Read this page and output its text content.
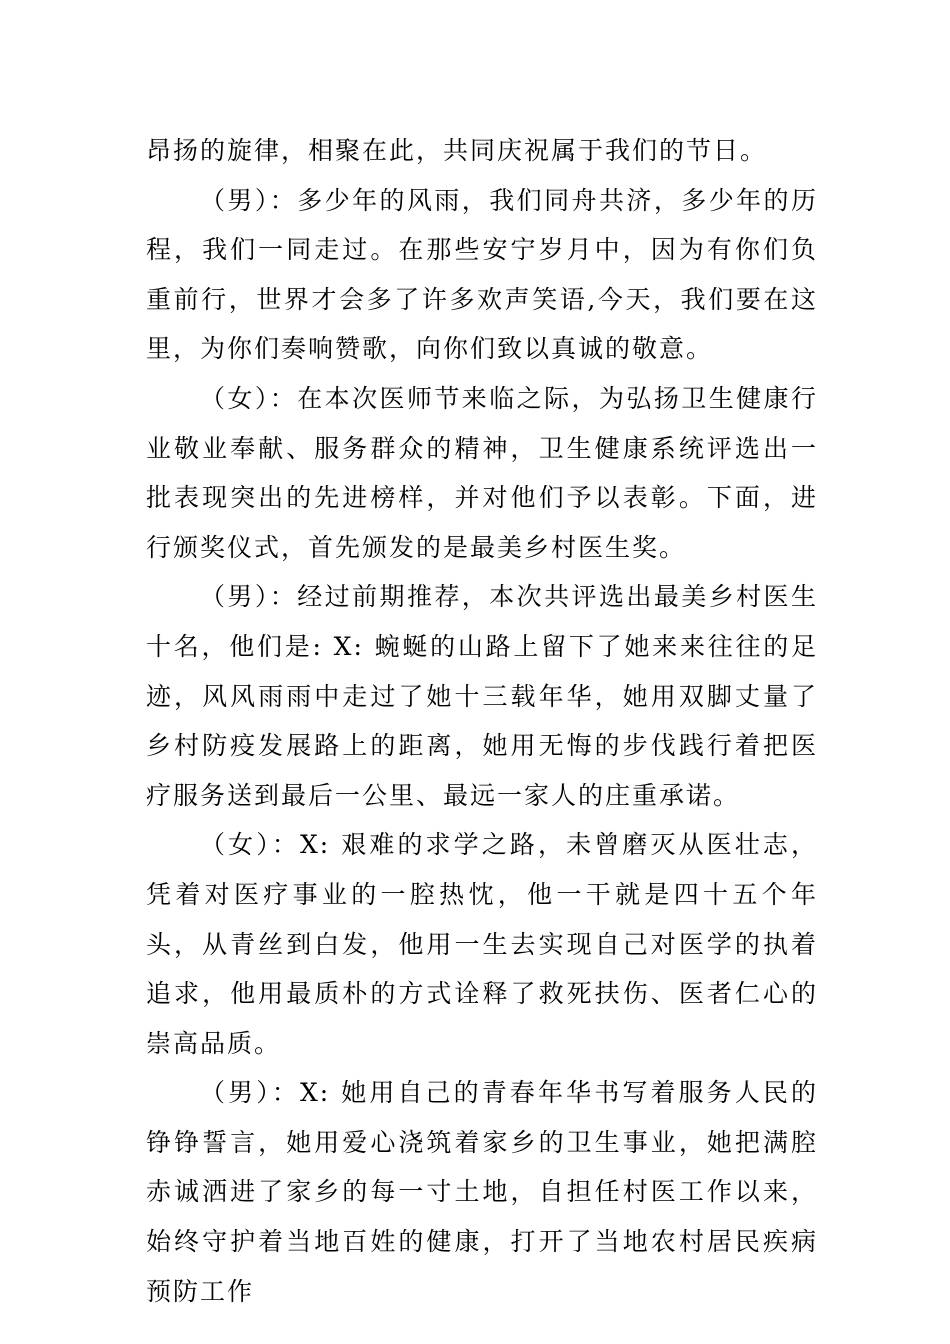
昂扬的旋律，相聚在此，共同庆祝属于我们的节日。

（男）：多少年的风雨，我们同舟共济，多少年的历程，我们一同走过。在那些安宁岁月中，因为有你们负重前行，世界才会多了许多欢声笑语,今天，我们要在这里，为你们奏响赞歌，向你们致以真诚的敬意。

（女）：在本次医师节来临之际，为弘扬卫生健康行业敬业奉献、服务群众的精神，卫生健康系统评选出一批表现突出的先进榜样，并对他们予以表彰。下面，进行颁奖仪式，首先颁发的是最美乡村医生奖。

（男）：经过前期推荐，本次共评选出最美乡村医生十名，他们是: X: 蜿蜒的山路上留下了她来来往往的足迹，风风雨雨中走过了她十三载年华，她用双脚丈量了乡村防疫发展路上的距离，她用无悔的步伐践行着把医疗服务送到最后一公里、最远一家人的庄重承诺。

（女）：X: 艰难的求学之路，未曾磨灭从医壮志，凭着对医疗事业的一腔热忱，他一干就是四十五个年头，从青丝到白发，他用一生去实现自己对医学的执着追求，他用最质朴的方式诠释了救死扶伤、医者仁心的崇高品质。

（男）：X: 她用自己的青春年华书写着服务人民的铮铮誓言，她用爱心浇筑着家乡的卫生事业，她把满腔赤诚洒进了家乡的每一寸土地，自担任村医工作以来，始终守护着当地百姓的健康，打开了当地农村居民疾病预防工作
